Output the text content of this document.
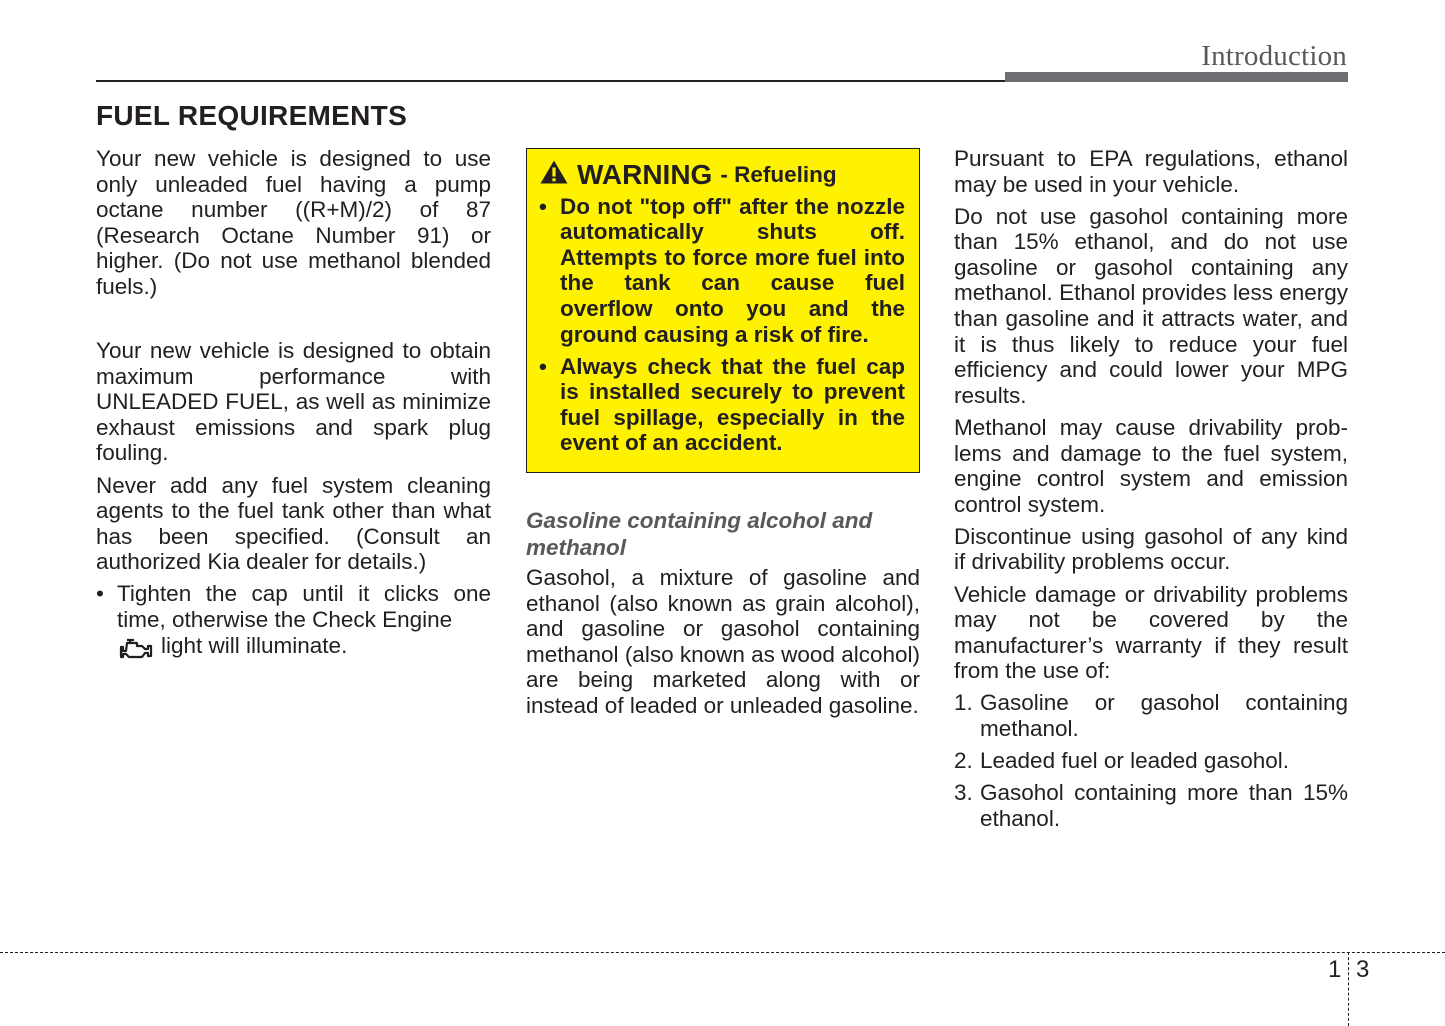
Introduction
FUEL REQUIREMENTS

Your new vehicle is designed to use only unleaded fuel having a pump octane number ((R+M)/2) of 87 (Research Octane Number 91) or higher. (Do not use methanol blended fuels.)

Your new vehicle is designed to obtain maximum performance with UNLEADED FUEL, as well as minimize exhaust emissions and spark plug fouling.

Never add any fuel system cleaning agents to the fuel tank other than what has been specified. (Consult an authorized Kia dealer for details.)

• Tighten the cap until it clicks one time, otherwise the Check Engine
light will illuminate.
WARNING - Refueling
• Do not "top off" after the nozzle automatically shuts off. Attempts to force more fuel into the tank can cause fuel overflow onto you and the ground causing a risk of fire.
• Always check that the fuel cap is installed securely to prevent fuel spillage, especially in the event of an accident.
Gasoline containing alcohol and methanol

Gasohol, a mixture of gasoline and ethanol (also known as grain alcohol), and gasoline or gasohol containing methanol (also known as wood alcohol) are being marketed along with or instead of leaded or unleaded gasoline.

Pursuant to EPA regulations, ethanol may be used in your vehicle.

Do not use gasohol containing more than 15% ethanol, and do not use gasoline or gasohol containing any methanol. Ethanol provides less energy than gasoline and it attracts water, and it is thus likely to reduce your fuel efficiency and could lower your MPG results.

Methanol may cause drivability problems and damage to the fuel system, engine control system and emission control system.

Discontinue using gasohol of any kind if drivability problems occur.

Vehicle damage or drivability problems may not be covered by the manufacturer’s warranty if they result from the use of:

1. Gasoline or gasohol containing methanol.
2. Leaded fuel or leaded gasohol.
3. Gasohol containing more than 15% ethanol.
1 3
